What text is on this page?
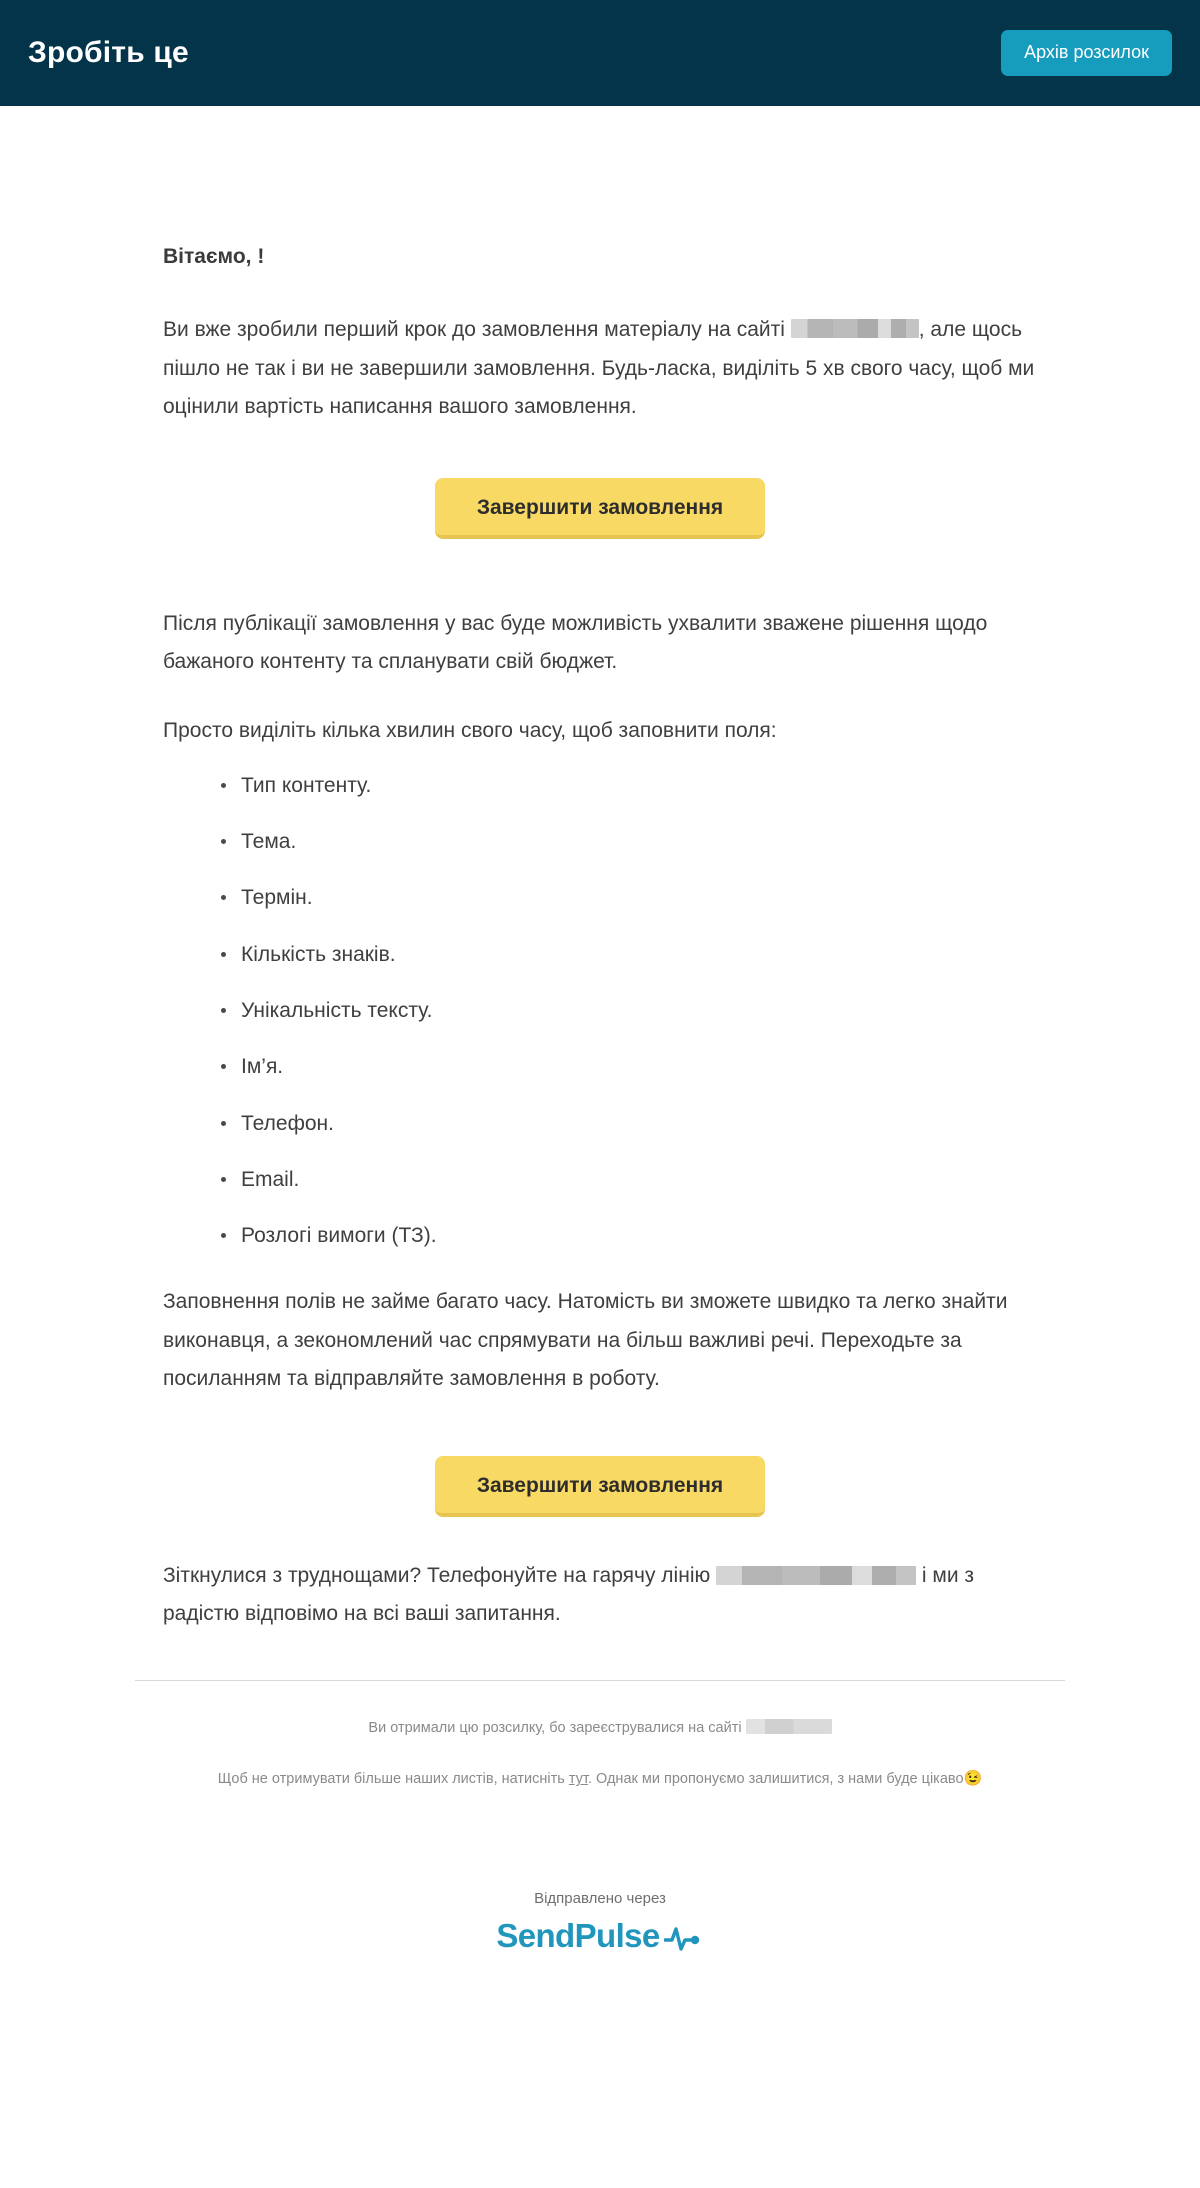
Зробіть це	Архів розсилок
Вітаємо, !

Ви вже зробили перший крок до замовлення матеріалу на сайті	, але щось пішло не так і ви не завершили замовлення. Будь-ласка, виділіть 5 хв свого часу, щоб ми оцінили вартість написання вашого замовлення.

Завершити замовлення

Після публікації замовлення у вас буде можливість ухвалити зважене рішення щодо бажаного контенту та спланувати свій бюджет.

Просто виділіть кілька хвилин свого часу, щоб заповнити поля:

Тип контенту.
Тема.
Термін.
Кількість знаків.
Унікальність тексту.
Ім’я.
Телефон.
Email.
Розлогі вимоги (ТЗ).

Заповнення полів не займе багато часу. Натомість ви зможете швидко та легко знайти виконавця, а зекономлений час спрямувати на більш важливі речі. Переходьте за посиланням та відправляйте замовлення в роботу.

Завершити замовлення

Зіткнулися з труднощами? Телефонуйте на гарячу лінію	і ми з радістю відповімо на всі ваші запитання.

Ви отримали цю розсилку, бо зареєструвалися на сайті

Щоб не отримувати більше наших листів, натисніть тут. Однак ми пропонуємо залишитися, з нами буде цікаво😉

Відправлено через

SendPulse
